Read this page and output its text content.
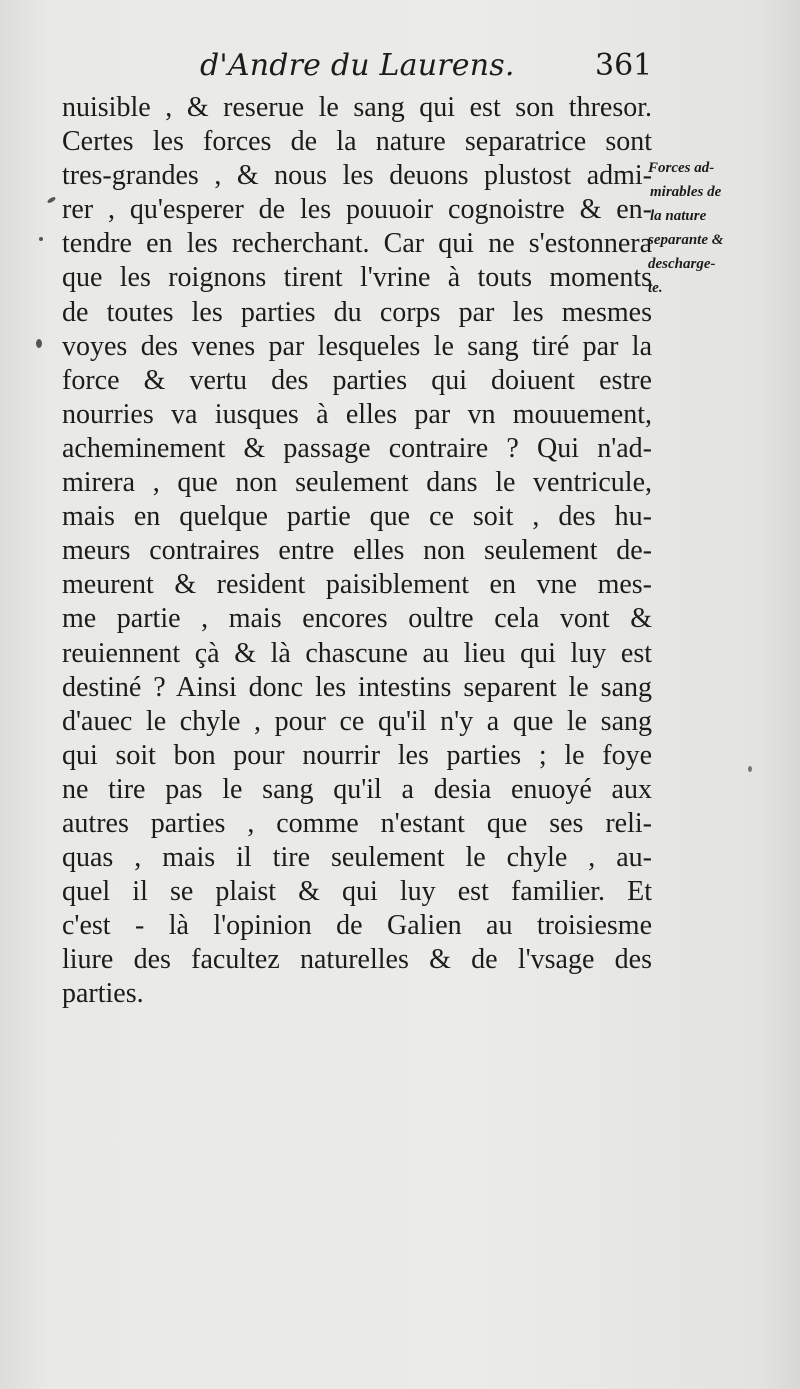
d'Andre du Laurens.	361
nuisible , & reserue le sang qui est son thresor.
Certes les forces de la nature separatrice sont
tres-grandes , & nous les deuons plustost admi-
rer , qu'esperer de les pouuoir cognoistre & en-
tendre en les recherchant. Car qui ne s'estonnera
que les roignons tirent l'vrine à touts moments
de toutes les parties du corps par les mesmes
voyes des venes par lesqueles le sang tiré par la
force & vertu des parties qui doiuent estre
nourries va iusques à elles par vn mouuement,
acheminement & passage contraire ? Qui n'ad-
mirera , que non seulement dans le ventricule,
mais en quelque partie que ce soit , des hu-
meurs contraires entre elles non seulement de-
meurent & resident paisiblement en vne mes-
me partie , mais encores oultre cela vont &
reuiennent çà & là chascune au lieu qui luy est
destiné ? Ainsi donc les intestins separent le sang
d'auec le chyle , pour ce qu'il n'y a que le sang
qui soit bon pour nourrir les parties ; le foye
ne tire pas le sang qu'il a desia enuoyé aux
autres parties , comme n'estant que ses reli-
quas , mais il tire seulement le chyle , au-
quel il se plaist & qui luy est familier. Et
c'est - là l'opinion de Galien au troisiesme
liure des facultez naturelles & de l'vsage des
parties.
Forces ad-
mirables de
la nature
separante &
descharge-
te.
